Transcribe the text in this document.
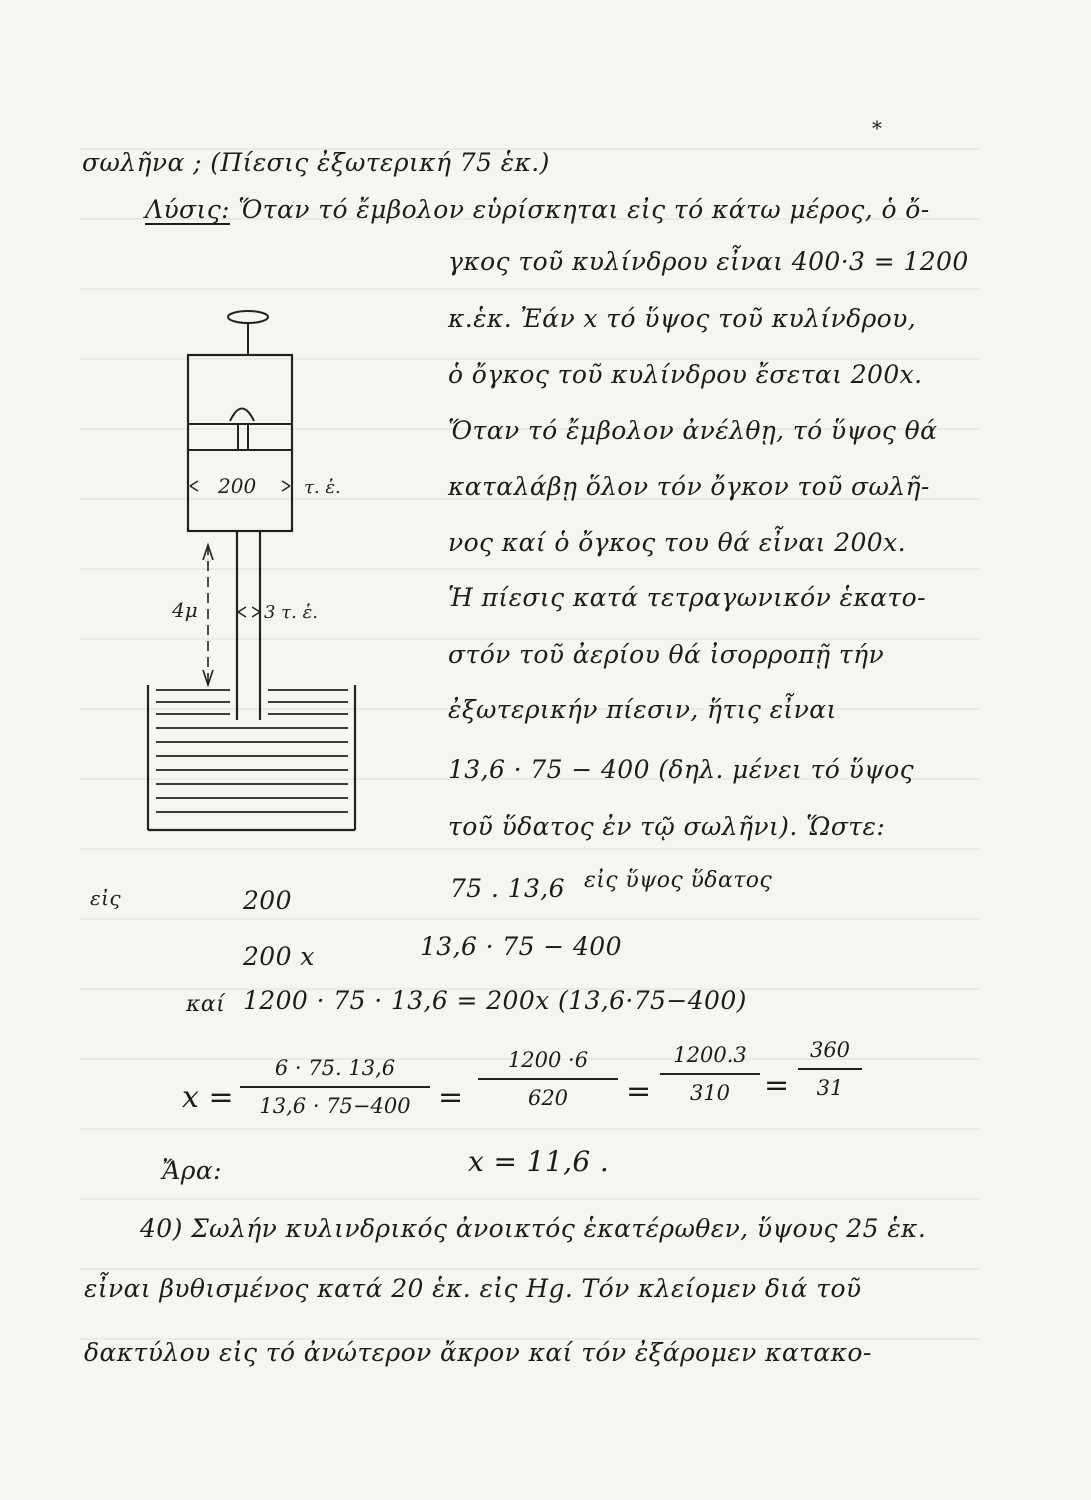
*
σωλῆνα ; (Πίεσις ἐξωτερική 75 ἑκ.)
Λύσις: Ὅταν τό ἔμβολον εὑρίσκηται εἰς τό κάτω μέρος, ὁ ὄ-
γκος τοῦ κυλίνδρου εἶναι 400·3 = 1200
κ.ἑκ. Ἐάν x τό ὕψος τοῦ κυλίνδρου,
ὁ ὄγκος τοῦ κυλίνδρου ἔσεται 200x.
Ὅταν τό ἔμβολον ἀνέλθῃ, τό ὕψος θά
καταλάβῃ ὅλον τόν ὄγκον τοῦ σωλῆ-
νος καί ὁ ὄγκος του θά εἶναι 200x.
Ἡ πίεσις κατά τετραγωνικόν ἑκατο-
στόν τοῦ ἀερίου θά ἰσορροπῇ τήν
ἐξωτερικήν πίεσιν, ἥτις εἶναι
13,6 · 75 − 400 (δηλ. μένει τό ὕψος
τοῦ ὕδατος ἐν τῷ σωλῆνι). Ὥστε:
200	τ. ἑ.
4μ	3 τ. ἑ.
εἰς	200	75 . 13,6 εἰς ὕψος ὕδατος
200 x	13,6 · 75 − 400
καί 1200 · 75 · 13,6 = 200x (13,6·75−400)
x =
6 · 75. 13,6
13,6 · 75−400 =
1200 ·6
620	=
1200.3
310	=
360
31
Ἄρα:	x = 11,6 .
40) Σωλήν κυλινδρικός ἀνοικτός ἑκατέρωθεν, ὕψους 25 ἑκ.
εἶναι βυθισμένος κατά 20 ἑκ. εἰς Hg. Τόν κλείομεν διά τοῦ
δακτύλου εἰς τό ἀνώτερον ἄκρον καί τόν ἐξάρομεν κατακο-
